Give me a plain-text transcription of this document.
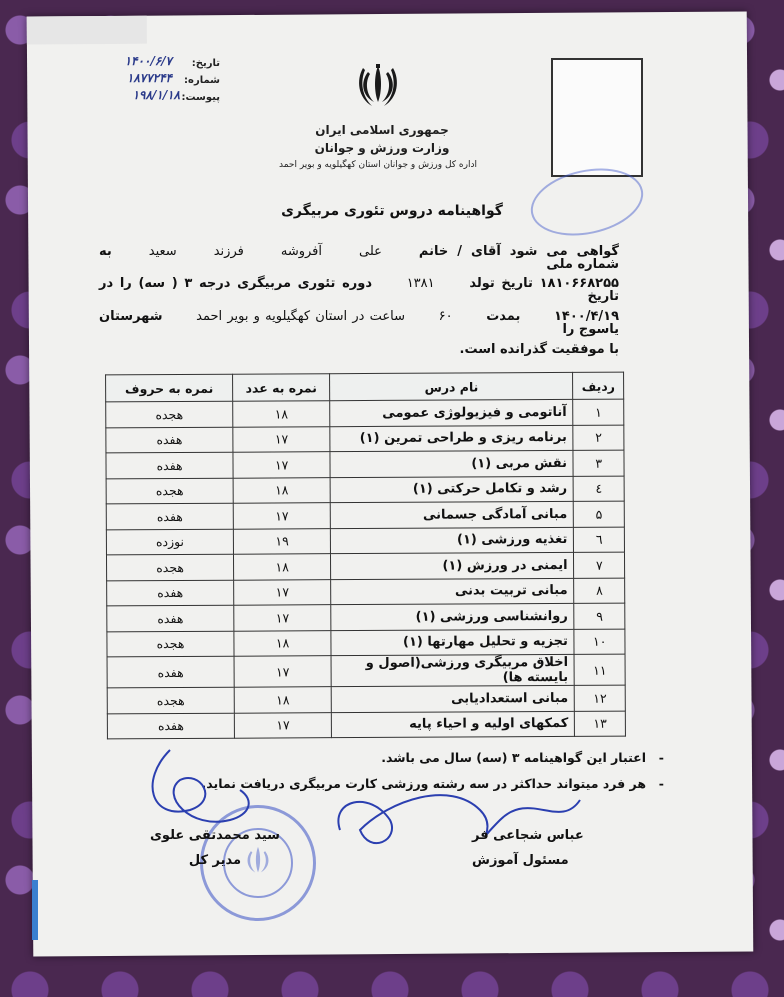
تاریخ:
۱۴۰۰/۶/۷
شماره:
۱۸۷۷۲۴۴
پیوست:
۱۹۸/۱/۱۸
جمهوری اسلامی ایران
وزارت ورزش و جوانان
اداره کل ورزش و جوانان استان کهگیلویه و بویر احمد
گواهینامه دروس تئوری مربیگری
گواهی می شود آقای / خانم علی آفروشه فرزند سعید به شماره ملی
۱۸۱۰۶۶۸۲۵۵ تاریخ تولد ۱۳۸۱ دوره تئوری مربیگری درجه ۳ ( سه) را در تاریخ
۱۴۰۰/۴/۱۹ بمدت ۶۰ ساعت در استان کهگیلویه و بویر احمد شهرستان یاسوج را
با موفقیت گذرانده است.
ردیف	نام درس	نمره به عدد	نمره به حروف
۱	آناتومی و فیزیولوژی عمومی	۱۸	هجده
۲	برنامه ریزی و طراحی تمرین (۱)	۱۷	هفده
۳	نقش مربی (۱)	۱۷	هفده
٤	رشد و تکامل حرکتی (۱)	۱۸	هجده
۵	مبانی آمادگی جسمانی	۱۷	هفده
٦	تغذیه ورزشی (۱)	۱۹	نوزده
۷	ایمنی در ورزش (۱)	۱۸	هجده
۸	مبانی تربیت بدنی	۱۷	هفده
۹	روانشناسی ورزشی (۱)	۱۷	هفده
۱۰	تجزیه و تحلیل مهارتها (۱)	۱۸	هجده
۱۱	اخلاق مربیگری ورزشی(اصول و بایسته ها)	۱۷	هفده
۱۲	مبانی استعدادیابی	۱۸	هجده
۱۳	کمکهای اولیه و احیاء پایه	۱۷	هفده
اعتبار این گواهینامه ۳ (سه) سال می باشد. -
هر فرد میتواند حداکثر در سه رشته ورزشی کارت مربیگری دریافت نماید. -
سید محمدتقی علوی
مدیر کل
عباس شجاعی فر
مسئول آموزش
